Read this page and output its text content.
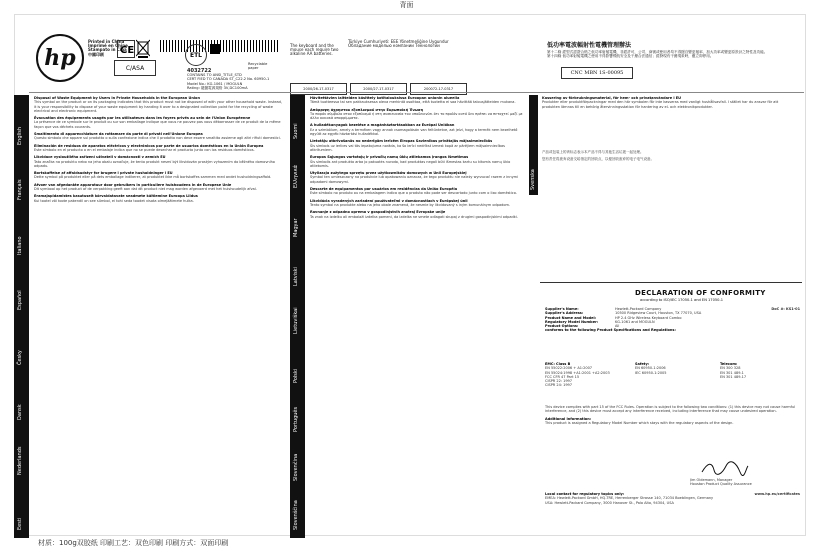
背面
hp
Printed in China
Imprimé en Chine
Stampato in Cina
中國印刷	CE
C/ASA
Recyclable
paper
ETL
4032722
CONTAINS TO ANSI_TITLE_STD
CERT FIED TO CANADA ST_C22.2 No. 60950-1
Model No.: KG-1061 / MOGULN
Rating: 鍵盤電源規格 3V,DC100mA
The keyboard and the mouse each require two alkaline AA batteries.
Türkiye Cumhuriyeti: EEE Yönetmeliğine Uygundur
Обладание моделью компании Текнологии
2000/26-17-0317	2000/27-17-0317	200072-17-0317
低功率電波輻射性電機管理辦法
第十二條 經型式認證合格之低功率射頻電機，非經許可，公司、商號或使用者均不得擅自變更頻率、加大功率或變更原設計之特性及功能。
第十四條 低功率射頻電機之使用不得影響飛航安全及干擾合法通信；經發現有干擾現象時，應立即停用。
CNC MBN 1S-00095
English
Français
Italiano
Español
Česky
Dansk
Nederlands
Eesti
Suomi
Ελληνικά
Magyar
Latviski
Lietuviškai
Polski
Português
Slovenčina
Slovenščina
Svenska
Disposal of Waste Equipment by Users in Private Households in the European Union

This symbol on the product or on its packaging indicates that this product must not be disposed of with your other household waste. Instead, it is your responsibility to dispose of your waste equipment by handing it over to a designated collection point for the recycling of waste electrical and electronic equipment.

Évacuation des équipements usagés par les utilisateurs dans les foyers privés au sein de l'Union Européenne

La présence de ce symbole sur le produit ou sur son emballage indique que vous ne pouvez pas vous débarrasser de ce produit de la même façon que vos déchets courants.

Smaltimento di apparecchiature da rottamare da parte di privati nell'Unione Europea

Questo simbolo che appare sul prodotto o sulla confezione indica che il prodotto non deve essere smaltito assieme agli altri rifiuti domestici.

Eliminación de residuos de aparatos eléctricos y electrónicos por parte de usuarios domésticos en la Unión Europea

Este símbolo en el producto o en el embalaje indica que no se puede desechar el producto junto con los residuos domésticos.

Likvidace vysloužilého zařízení uživateli v domácnosti v zemích EU

Tato značka na produktu nebo na jeho obalu označuje, že tento produkt nesmí být likvidován prostým vyhozením do běžného domovního odpadu.

Bortskaffelse af affaldsudstyr for brugere i private husholdninger i EU

Dette symbol på produktet eller på dets emballage indikerer, at produktet ikke må bortskaffes sammen med andet husholdningsaffald.

Afvoer van afgedankte apparatuur door gebruikers in particuliere huishoudens in de Europese Unie

Dit symbool op het product of de verpakking geeft aan dat dit product niet mag worden afgevoerd met het huishoudelijk afval.

Eramajapidamistes kasutuselt kõrvaldatavate seadmete käitlemine Euroopa Liidus

Kui tootel või toote pakendil on see sümbol, ei tohi seda toodet visata olmejäätmete hulka.

Hävitettävien laitteiden käsittely kotitalouksissa Euroopan unionin alueella

Tämä tuotteessa tai sen pakkauksessa oleva merkintä osoittaa, että tuotetta ei saa hävittää talousjätteiden mukana.

Απόρριψη άχρηστου εξοπλισμού στην Ευρωπαϊκή Ένωση

Το παρόν σύμβολο στον εξοπλισμό ή στη συσκευασία του υποδεικνύει ότι το προϊόν αυτό δεν πρέπει να πεταχτεί μαζί με άλλα οικιακά απορρίμματα.

A hulladékanyagok kezelése a magánháztartásokban az Európai Unióban

Ez a szimbólum, amely a terméken vagy annak csomagolásán van feltüntetve, azt jelzi, hogy a termék nem kezelhető együtt az egyéb háztartási hulladékkal.

Lietotāju atbrīvošanās no nederīgām ierīcēm Eiropas Savienības privātajās mājsaimniecībās

Šis simbols uz ierīces vai tās iepakojuma norāda, ka šo ierīci nedrīkst izmest kopā ar pārējiem mājsaimniecības atkritumiem.

Europos Sąjungos vartotojų ir privačių namų ūkių atliekamos įrangos išmetimas

Šis simbolis ant produkto arba jo pakuotės nurodo, kad produktas negali būti išmestas kartu su kitomis namų ūkio atliekomis.

Utylizacja zużytego sprzętu przez użytkowników domowych w Unii Europejskiej

Symbol ten umieszczony na produkcie lub opakowaniu oznacza, że tego produktu nie należy wyrzucać razem z innymi odpadami domowymi.

Descarte de equipamentos por usuários em residências da União Européia

Este símbolo no produto ou na embalagem indica que o produto não pode ser descartado junto com o lixo doméstico.

Likvidácia vyradených zariadení používateľmi v domácnostiach v Európskej únii

Tento symbol na produkte alebo na jeho obale znamená, že nesmie by likvidovaný s iným komunálnym odpadom.

Ravnanje z odpadno opremo v gospodinjstvih znotraj Evropske unije

Ta znak na izdelku ali embalaži izdelka pomeni, da izdelka ne smete odlagati skupaj z drugimi gospodinjskimi odpadki.

Kassering av förbrukningsmaterial, för hem- och privatanvändare i EU

Produkter eller produktförpackningar med den här symbolen får inte kasseras med vanligt hushållsavfall. I stället har du ansvar för att produkten lämnas till en behörig återvinningsstation för hantering av el- och elektronikprodukter.

产品或包装上的该标志表示本产品不得与其他生活垃圾一起处理。

您有责任将废弃设备交给指定的回收点，以便回收废弃的电子电气设备。

DECLARATION OF CONFORMITY
according to ISO/IEC 17050-1 and EN 17050-1
Supplier's Name:	Hewlett-Packard Company	DoC #: KS1-01
Supplier's Address:	10500 Ridgeview Court, Houston, TX 77070, USA
Product Name and Model:	HP 2.4 GHz Wireless Keyboard Combo
Regulatory Model Number:	KG-1061 and MOGULN
Product Options:	All
conforms to the following Product Specifications and Regulations:
EMC: Class B
EN 55022:2006 + A1:2007
EN 55024:1998 +A1:2001 +A2:2003
FCC CFR 47 Part 15
CISPR 22: 1997
CISPR 24: 1997
Safety:
EN 60950-1:2006
IEC 60950-1:2005
Telecom:
EN 300 328
EN 301 489-1
EN 301 489-17

This device complies with part 15 of the FCC Rules. Operation is subject to the following two conditions: (1) this device may not cause harmful interference, and (2) this device must accept any interference received, including interference that may cause undesired operation.

Additional Information:

This product is assigned a Regulatory Model Number which stays with the regulatory aspects of the design.

Jim Oldemann, Manager
Houston Product Quality Assurance
Local contact for regulatory topics only:	www.hp.eu/certificates
EMEA: Hewlett-Packard GmbH, HQ-TRE, Herrenberger Strasse 140, 71034 Boeblingen, Germany
USA: Hewlett-Packard Company, 3000 Hanover St., Palo Alto, 94304, USA
材质：100g双胶纸 印刷工艺：双色印刷 印刷方式：双面印刷
